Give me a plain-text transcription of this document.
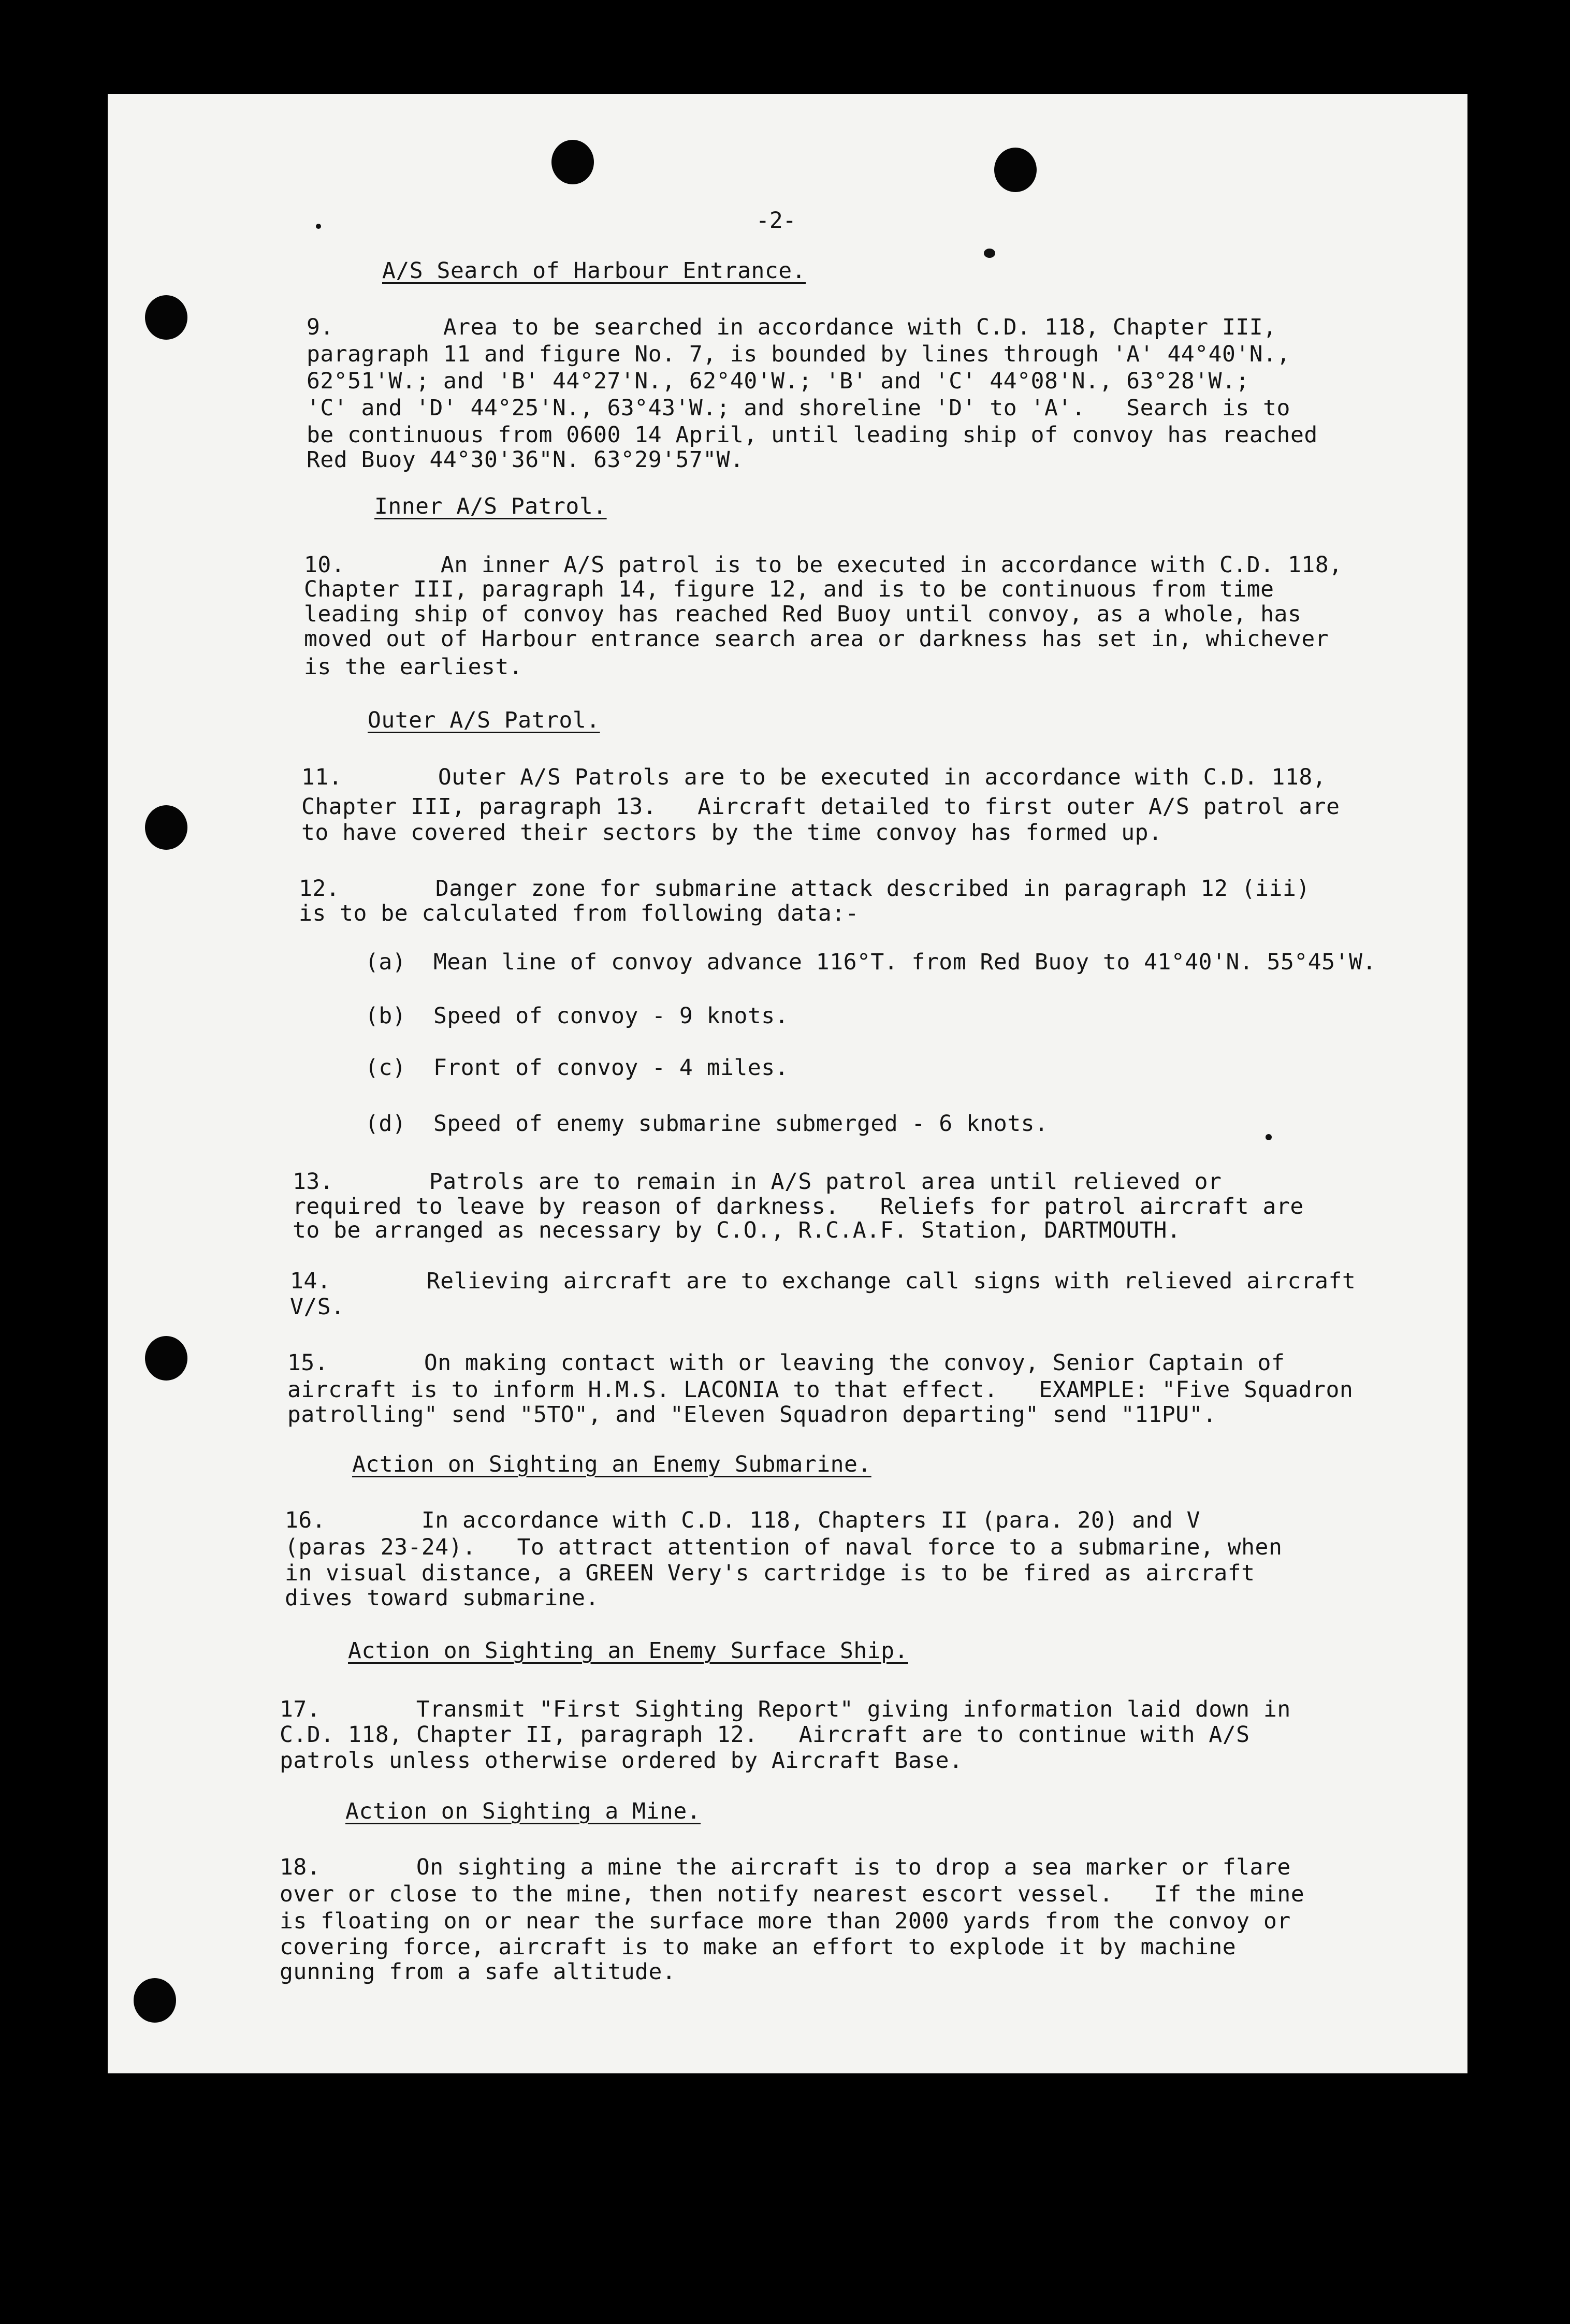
-2-
A/S Search of Harbour Entrance.
9.        Area to be searched in accordance with C.D. 118, Chapter III,
paragraph 11 and figure No. 7, is bounded by lines through 'A' 44°40'N.,
62°51'W.; and 'B' 44°27'N., 62°40'W.; 'B' and 'C' 44°08'N., 63°28'W.;
'C' and 'D' 44°25'N., 63°43'W.; and shoreline 'D' to 'A'.   Search is to
be continuous from 0600 14 April, until leading ship of convoy has reached
Red Buoy 44°30'36"N. 63°29'57"W.
Inner A/S Patrol.
10.       An inner A/S patrol is to be executed in accordance with C.D. 118,
Chapter III, paragraph 14, figure 12, and is to be continuous from time
leading ship of convoy has reached Red Buoy until convoy, as a whole, has
moved out of Harbour entrance search area or darkness has set in, whichever
is the earliest.
Outer A/S Patrol.
11.       Outer A/S Patrols are to be executed in accordance with C.D. 118,
Chapter III, paragraph 13.   Aircraft detailed to first outer A/S patrol are
to have covered their sectors by the time convoy has formed up.
12.       Danger zone for submarine attack described in paragraph 12 (iii)
is to be calculated from following data:-
(a)  Mean line of convoy advance 116°T. from Red Buoy to 41°40'N. 55°45'W.
(b)  Speed of convoy - 9 knots.
(c)  Front of convoy - 4 miles.
(d)  Speed of enemy submarine submerged - 6 knots.
13.       Patrols are to remain in A/S patrol area until relieved or
required to leave by reason of darkness.   Reliefs for patrol aircraft are
to be arranged as necessary by C.O., R.C.A.F. Station, DARTMOUTH.
14.       Relieving aircraft are to exchange call signs with relieved aircraft
V/S.
15.       On making contact with or leaving the convoy, Senior Captain of
aircraft is to inform H.M.S. LACONIA to that effect.   EXAMPLE: "Five Squadron
patrolling" send "5TO", and "Eleven Squadron departing" send "11PU".
Action on Sighting an Enemy Submarine.
16.       In accordance with C.D. 118, Chapters II (para. 20) and V
(paras 23-24).   To attract attention of naval force to a submarine, when
in visual distance, a GREEN Very's cartridge is to be fired as aircraft
dives toward submarine.
Action on Sighting an Enemy Surface Ship.
17.       Transmit "First Sighting Report" giving information laid down in
C.D. 118, Chapter II, paragraph 12.   Aircraft are to continue with A/S
patrols unless otherwise ordered by Aircraft Base.
Action on Sighting a Mine.
18.       On sighting a mine the aircraft is to drop a sea marker or flare
over or close to the mine, then notify nearest escort vessel.   If the mine
is floating on or near the surface more than 2000 yards from the convoy or
covering force, aircraft is to make an effort to explode it by machine
gunning from a safe altitude.
